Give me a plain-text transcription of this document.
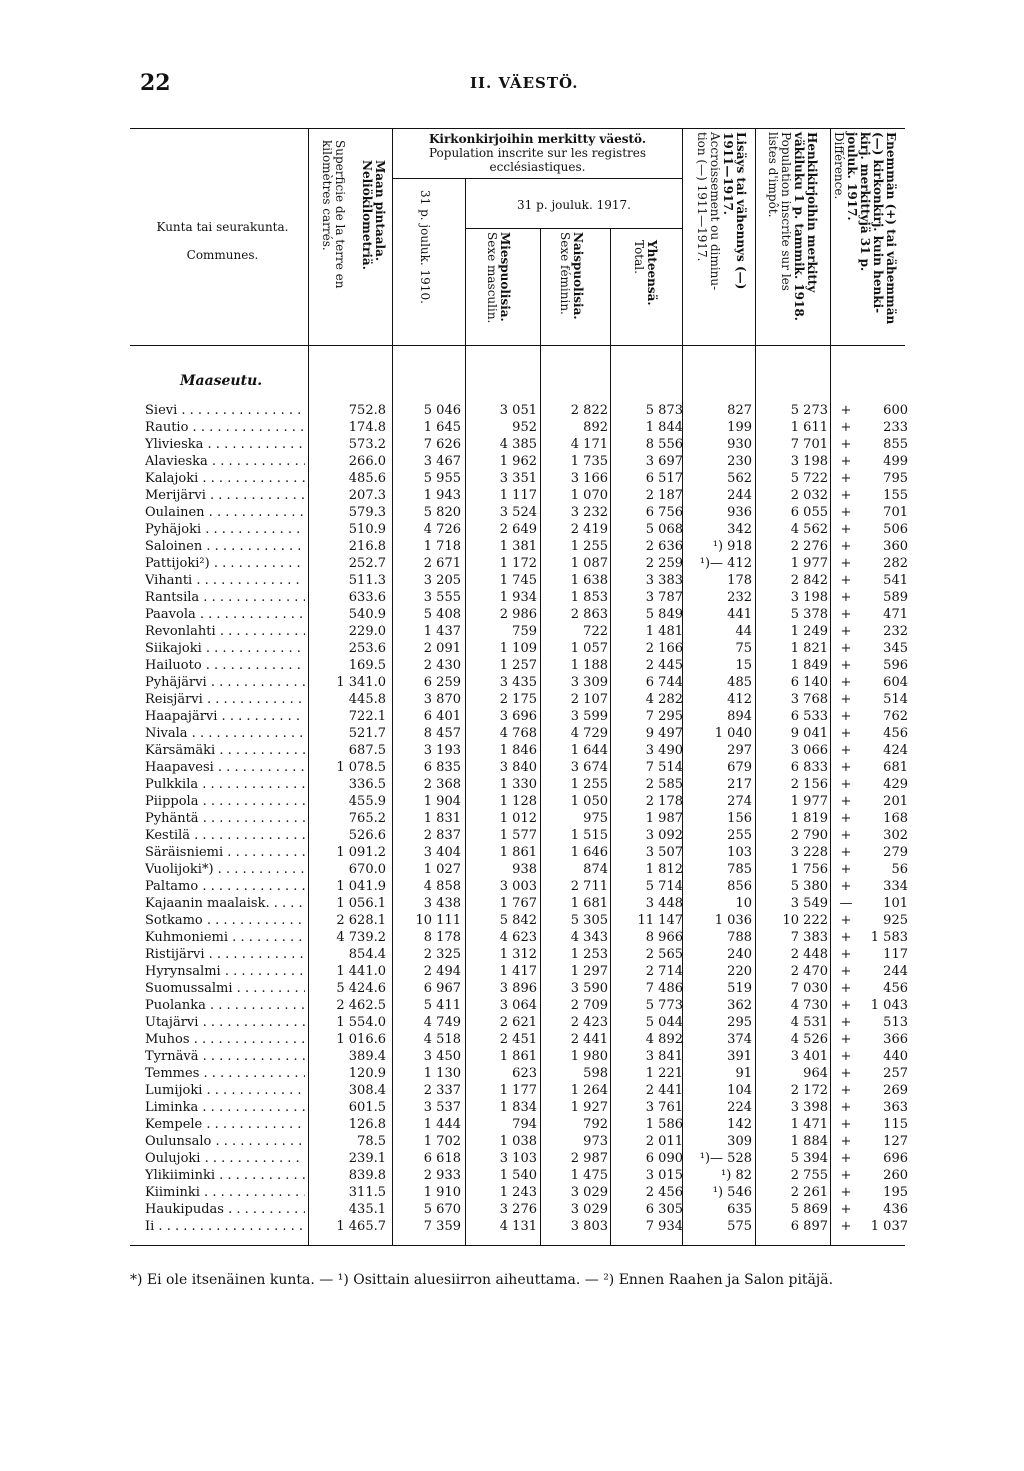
22	II. VÄESTÖ.
Kunta tai seurakunta.
Communes.	Maan pintaala.
Neliökilometriä.
Superficie de la terre en
kilomètres carrés.
Kirkonkirjoihin merkitty väestö.
Population inscrite sur les registres ecclésiastiques.
31 p. jouluk. 1910.	31 p. jouluk. 1917.
Miespuolisia.
Sexe masculin.	Naispuolisia.
Sexe féminin.	Yhteensä.
Total.	Lisäys tai vähennys (—)
1911—1917.
Accroissement ou diminu-
tion (—) 1911—1917.	Henkikirjoihin merkitty
väkiluku 1 p. tammik. 1918.
Population inscrite sur les
listes d'impôt.	Enemmän (+) tai vähemmän
(—) kirkonkirj. kuin henki-
kirj. merkittyjä 31 p.
jouluk. 1917.
Différence.
Maaseutu.
Sievi . . .	752.8	5 046	3 051	2 822	5 873	827	5 273 +	600
Rautio . . .	174.8	1 645	952	892	1 844	199	1 611 +	233
Ylivieska . . .	573.2	7 626	4 385	4 171	8 556	930	7 701 +	855
Alavieska . . .	266.0	3 467	1 962	1 735	3 697	230	3 198 +	499
Kalajoki . . .	485.6	5 955	3 351	3 166	6 517	562	5 722 +	795
Merijärvi . . .	207.3	1 943	1 117	1 070	2 187	244	2 032 +	155
Oulainen . . .	579.3	5 820	3 524	3 232	6 756	936	6 055 +	701
Pyhäjoki . . .	510.9	4 726	2 649	2 419	5 068	342	4 562 +	506
Saloinen . . .	216.8	1 718	1 381	1 255	2 636	¹) 918	2 276 +	360
Pattijoki²) . . .	252.7	2 671	1 172	1 087	2 259	¹)— 412	1 977 +	282
Vihanti . . .	511.3	3 205	1 745	1 638	3 383	178	2 842 +	541
Rantsila . . .	633.6	3 555	1 934	1 853	3 787	232	3 198 +	589
Paavola . . .	540.9	5 408	2 986	2 863	5 849	441	5 378 +	471
Revonlahti . . .	229.0	1 437	759	722	1 481	44	1 249 +	232
Siikajoki . . .	253.6	2 091	1 109	1 057	2 166	75	1 821 +	345
Hailuoto . . .	169.5	2 430	1 257	1 188	2 445	15	1 849 +	596
Pyhäjärvi . . .	1 341.0	6 259	3 435	3 309	6 744	485	6 140 +	604
Reisjärvi . . .	445.8	3 870	2 175	2 107	4 282	412	3 768 +	514
Haapajärvi . . .	722.1	6 401	3 696	3 599	7 295	894	6 533 +	762
Nivala . . .	521.7	8 457	4 768	4 729	9 497	1 040	9 041 +	456
Kärsämäki . . .	687.5	3 193	1 846	1 644	3 490	297	3 066 +	424
Haapavesi . . .	1 078.5	6 835	3 840	3 674	7 514	679	6 833 +	681
Pulkkila . . .	336.5	2 368	1 330	1 255	2 585	217	2 156 +	429
Piippola . . .	455.9	1 904	1 128	1 050	2 178	274	1 977 +	201
Pyhäntä . . .	765.2	1 831	1 012	975	1 987	156	1 819 +	168
Kestilä . . .	526.6	2 837	1 577	1 515	3 092	255	2 790 +	302
Säräisniemi . . .	1 091.2	3 404	1 861	1 646	3 507	103	3 228 +	279
Vuolijoki*) . . .	670.0	1 027	938	874	1 812	785	1 756 +	56
Paltamo . . .	1 041.9	4 858	3 003	2 711	5 714	856	5 380 +	334
Kajaanin maalaisk. . . .	1 056.1	3 438	1 767	1 681	3 448	10	3 549 —	101
Sotkamo . . .	2 628.1	10 111	5 842	5 305	11 147	1 036	10 222 +	925
Kuhmoniemi . . .	4 739.2	8 178	4 623	4 343	8 966	788	7 383 +	1 583
Ristijärvi . . .	854.4	2 325	1 312	1 253	2 565	240	2 448 +	117
Hyrynsalmi . . .	1 441.0	2 494	1 417	1 297	2 714	220	2 470 +	244
Suomussalmi . . .	5 424.6	6 967	3 896	3 590	7 486	519	7 030 +	456
Puolanka . . .	2 462.5	5 411	3 064	2 709	5 773	362	4 730 +	1 043
Utajärvi . . .	1 554.0	4 749	2 621	2 423	5 044	295	4 531 +	513
Muhos . . .	1 016.6	4 518	2 451	2 441	4 892	374	4 526 +	366
Tyrnävä . . .	389.4	3 450	1 861	1 980	3 841	391	3 401 +	440
Temmes . . .	120.9	1 130	623	598	1 221	91	964 +	257
Lumijoki . . .	308.4	2 337	1 177	1 264	2 441	104	2 172 +	269
Liminka . . .	601.5	3 537	1 834	1 927	3 761	224	3 398 +	363
Kempele . . .	126.8	1 444	794	792	1 586	142	1 471 +	115
Oulunsalo . . .	78.5	1 702	1 038	973	2 011	309	1 884 +	127
Oulujoki . . .	239.1	6 618	3 103	2 987	6 090	¹)— 528	5 394 +	696
Ylikiiminki . . .	839.8	2 933	1 540	1 475	3 015	¹) 82	2 755 +	260
Kiiminki . . .	311.5	1 910	1 243	3 029	2 456	¹) 546	2 261 +	195
Haukipudas . . .	435.1	5 670	3 276	3 029	6 305	635	5 869 +	436
Ii . . .	1 465.7	7 359	4 131	3 803	7 934	575	6 897 +	1 037
*) Ei ole itsenäinen kunta. — ¹) Osittain aluesiirron aiheuttama. — ²) Ennen Raahen ja Salon pitäjä.
